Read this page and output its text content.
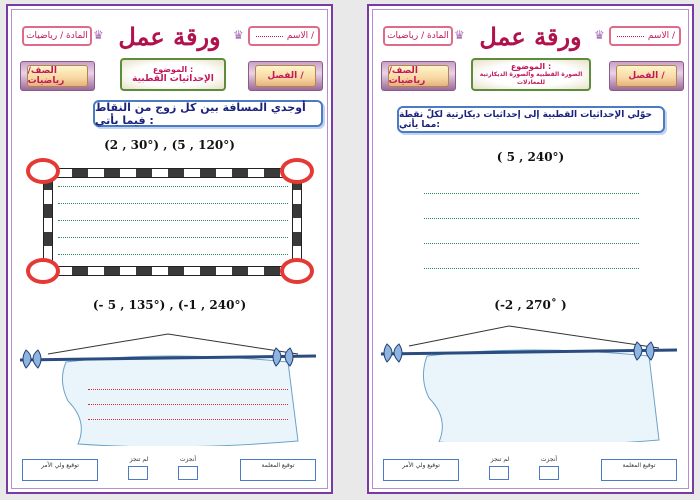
ورقة عمل
♛
المادة / رياضيات	♛	الاسم /
الصف/رياضيات
الموضوع :
الإحداثيات القطبية	الفصل /
أوجدي المسافة بين كل زوج من النقاط فيما يأتي :
(2 , 30°) , (5 , 120°)
(- 5 , 135°) , (-1 , 240°)
توقيع ولي الأمر
لم تنجز	أنجزت
توقيع المعلمة
ورقة عمل
♛
المادة / رياضيات	♛	الاسم /
الصف/ رياضيات
الموضوع :
الصورة القطبية والصورة الديكارتية للمعادلات
الفصل /
حوّلي الإحداثيات القطبية إلى إحداثيات ديكارتية لكلّ نقطة مما يأتي:
( 5 , 240°)
(-2 , 270˚ )
توقيع ولي الأمر
لم تنجز	أنجزت
توقيع المعلمة
